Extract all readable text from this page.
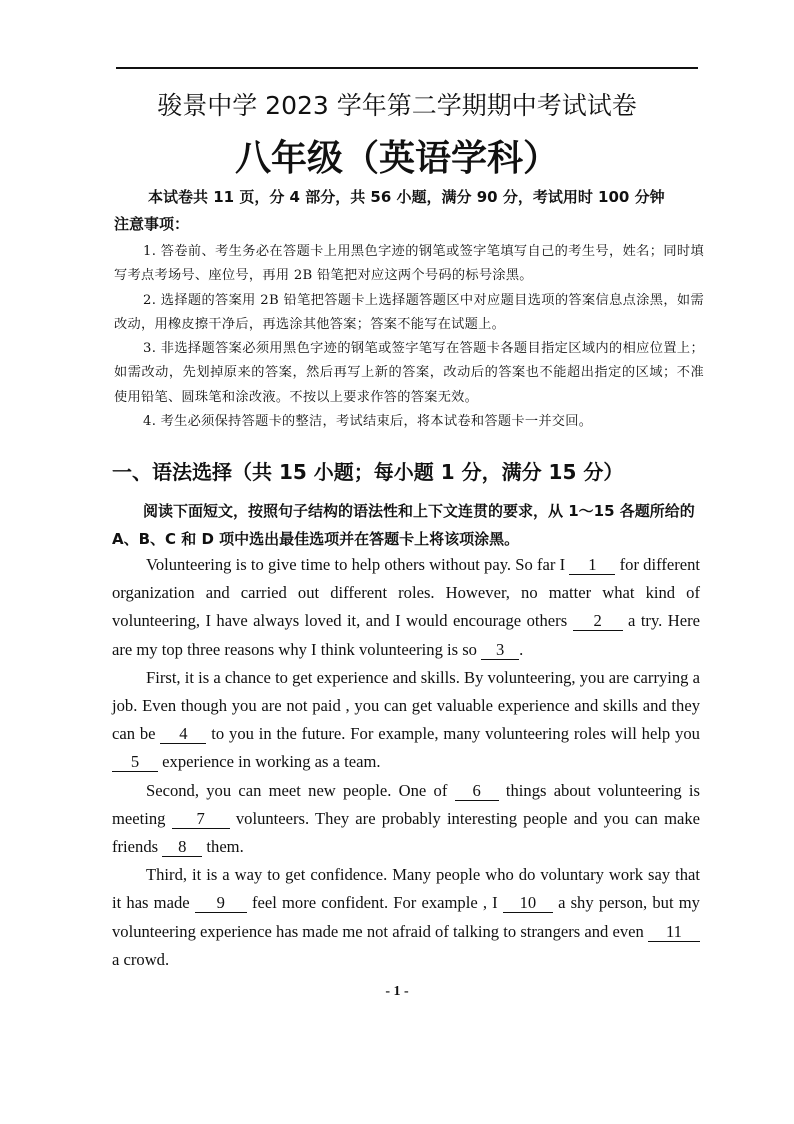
骏景中学 2023 学年第二学期期中考试试卷
八年级（英语学科）
本试卷共 11 页，分 4 部分，共 56 小题，满分 90 分，考试用时 100 分钟
注意事项：

1. 答卷前、考生务必在答题卡上用黑色字迹的钢笔或签字笔填写自己的考生号，姓名；同时填写考点考场号、座位号，再用 2B 铅笔把对应这两个号码的标号涂黑。

2. 选择题的答案用 2B 铅笔把答题卡上选择题答题区中对应题目选项的答案信息点涂黑，如需改动，用橡皮擦干净后，再选涂其他答案；答案不能写在试题上。

3. 非选择题答案必须用黑色字迹的钢笔或签字笔写在答题卡各题目指定区域内的相应位置上；如需改动，先划掉原来的答案，然后再写上新的答案，改动后的答案也不能超出指定的区域；不准使用铅笔、圆珠笔和涂改液。不按以上要求作答的答案无效。

4. 考生必须保持答题卡的整洁，考试结束后，将本试卷和答题卡一并交回。

一、语法选择（共 15 小题；每小题 1 分，满分 15 分）

阅读下面短文，按照句子结构的语法性和上下文连贯的要求，从 1～15 各题所给的 A、B、C 和 D 项中选出最佳选项并在答题卡上将该项涂黑。

Volunteering is to give time to help others without pay. So far I 1 for different organization and carried out different roles. However, no matter what kind of volunteering, I have always loved it, and I would encourage others 2 a try. Here are my top three reasons why I think volunteering is so 3 .

First, it is a chance to get experience and skills. By volunteering, you are carrying a job. Even though you are not paid , you can get valuable experience and skills and they can be 4 to you in the future. For example, many volunteering roles will help you 5 experience in working as a team.

Second, you can meet new people. One of 6 things about volunteering is meeting 7 volunteers. They are probably interesting people and you can make friends 8 them.

Third, it is a way to get confidence. Many people who do voluntary work say that it has made 9 feel more confident. For example , I 10 a shy person, but my volunteering experience has made me not afraid of talking to strangers and even 11 a crowd.

- 1 -
